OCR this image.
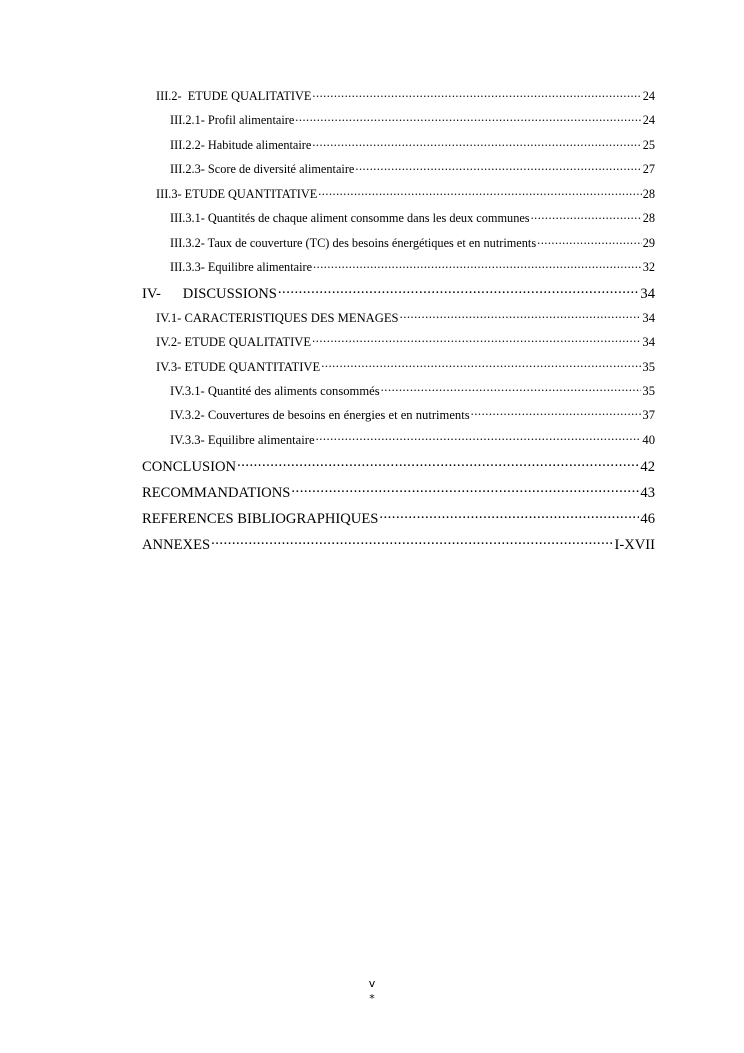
III.2-  ETUDE QUALITATIVE .....	24
III.2.1- Profil alimentaire .....	24
III.2.2- Habitude alimentaire .....	25
III.2.3- Score de diversité alimentaire .....	27
III.3- ETUDE QUANTITATIVE .....	28
III.3.1- Quantités de chaque aliment consomme dans les deux communes .....	28
III.3.2- Taux de couverture (TC) des besoins énergétiques et en nutriments .....	29
III.3.3- Equilibre alimentaire .....	32
IV-      DISCUSSIONS .....	34
IV.1- CARACTERISTIQUES DES MENAGES .....	34
IV.2- ETUDE QUALITATIVE .....	34
IV.3- ETUDE QUANTITATIVE .....	35
IV.3.1- Quantité des aliments consommés .....	35
IV.3.2- Couvertures de besoins en énergies et en nutriments .....	37
IV.3.3- Equilibre alimentaire .....	40
CONCLUSION .....	42
RECOMMANDATIONS .....	43
REFERENCES BIBLIOGRAPHIQUES .....	46
ANNEXES .....	I-XVII
v
*
